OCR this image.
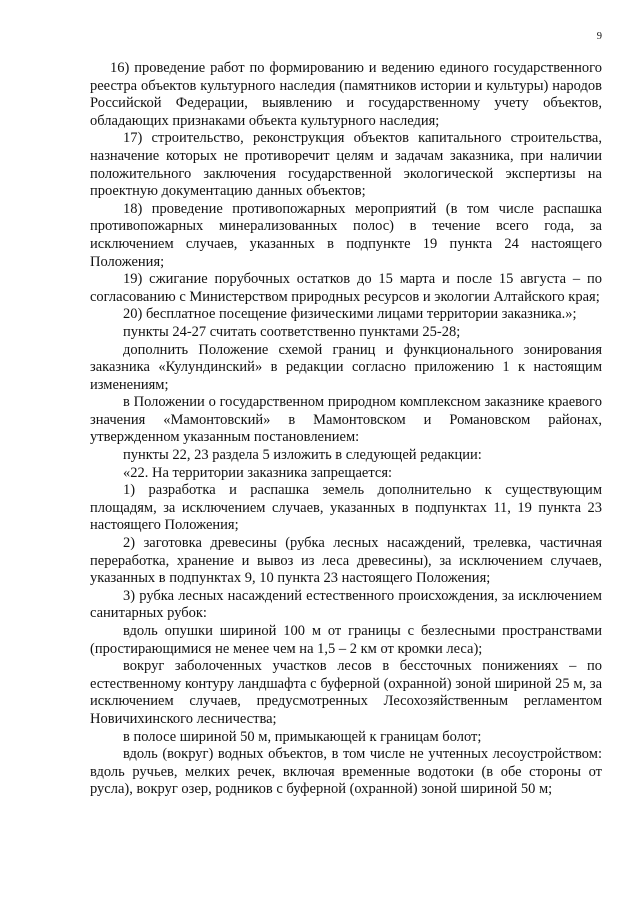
9

16) проведение работ по формированию и ведению единого государственного реестра объектов культурного наследия (памятников истории и культуры) народов Российской Федерации, выявлению и государственному учету объектов, обладающих признаками объекта культурного наследия;

17) строительство, реконструкция объектов капитального строительства, назначение которых не противоречит целям и задачам заказника, при наличии положительного заключения государственной экологической экспертизы на проектную документацию данных объектов;

18) проведение противопожарных мероприятий (в том числе распашка противопожарных минерализованных полос) в течение всего года, за исключением случаев, указанных в подпункте 19 пункта 24 настоящего Положения;

19) сжигание порубочных остатков до 15 марта и после 15 августа – по согласованию с Министерством природных ресурсов и экологии Алтайского края;

20) бесплатное посещение физическими лицами территории заказника.»;

пункты 24-27 считать соответственно пунктами 25-28;

дополнить Положение схемой границ и функционального зонирования заказника «Кулундинский» в редакции согласно приложению 1 к настоящим изменениям;

в Положении о государственном природном комплексном заказнике краевого значения «Мамонтовский» в Мамонтовском и Романовском районах, утвержденном указанным постановлением:

пункты 22, 23 раздела 5 изложить в следующей редакции:

«22. На территории заказника запрещается:

1) разработка и распашка земель дополнительно к существующим площадям, за исключением случаев, указанных в подпунктах 11, 19 пункта 23 настоящего Положения;

2) заготовка древесины (рубка лесных насаждений, трелевка, частичная переработка, хранение и вывоз из леса древесины), за исключением случаев, указанных в подпунктах 9, 10 пункта 23 настоящего Положения;

3) рубка лесных насаждений естественного происхождения, за исключением санитарных рубок:

вдоль опушки шириной 100 м от границы с безлесными пространствами (простирающимися не менее чем на 1,5 – 2 км от кромки леса);

вокруг заболоченных участков лесов в бессточных понижениях – по естественному контуру ландшафта с буферной (охранной) зоной шириной 25 м, за исключением случаев, предусмотренных Лесохозяйственным регламентом Новичихинского лесничества;

в полосе шириной 50 м, примыкающей к границам болот;

вдоль (вокруг) водных объектов, в том числе не учтенных лесоустройством: вдоль ручьев, мелких речек, включая временные водотоки (в обе стороны от русла), вокруг озер, родников с буферной (охранной) зоной шириной 50 м;
